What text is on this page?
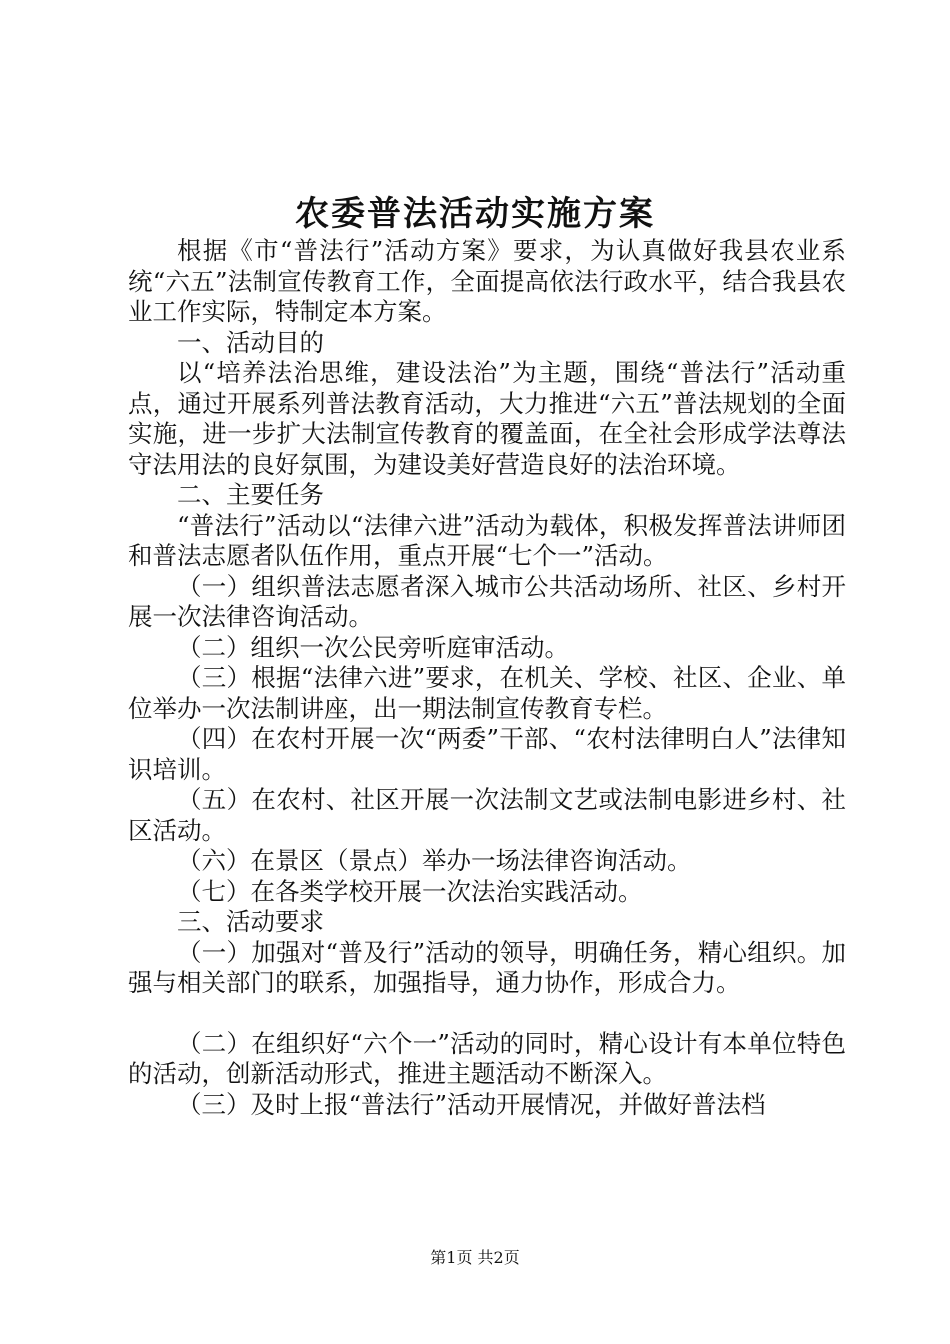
农委普法活动实施方案

根据《市“普法行”活动方案》要求，为认真做好我县农业系统“六五”法制宣传教育工作，全面提高依法行政水平，结合我县农业工作实际，特制定本方案。

一、活动目的

以“培养法治思维，建设法治”为主题，围绕“普法行”活动重点，通过开展系列普法教育活动，大力推进“六五”普法规划的全面实施，进一步扩大法制宣传教育的覆盖面，在全社会形成学法尊法守法用法的良好氛围，为建设美好营造良好的法治环境。

二、主要任务

“普法行”活动以“法律六进”活动为载体，积极发挥普法讲师团和普法志愿者队伍作用，重点开展“七个一”活动。

（一）组织普法志愿者深入城市公共活动场所、社区、乡村开展一次法律咨询活动。

（二）组织一次公民旁听庭审活动。

（三）根据“法律六进”要求，在机关、学校、社区、企业、单位举办一次法制讲座，出一期法制宣传教育专栏。

（四）在农村开展一次“两委”干部、“农村法律明白人”法律知识培训。

（五）在农村、社区开展一次法制文艺或法制电影进乡村、社区活动。

（六）在景区（景点）举办一场法律咨询活动。

（七）在各类学校开展一次法治实践活动。

三、活动要求

（一）加强对“普及行”活动的领导，明确任务，精心组织。加强与相关部门的联系，加强指导，通力协作，形成合力。

（二）在组织好“六个一”活动的同时，精心设计有本单位特色的活动，创新活动形式，推进主题活动不断深入。

（三）及时上报“普法行”活动开展情况，并做好普法档

第1页 共2页
